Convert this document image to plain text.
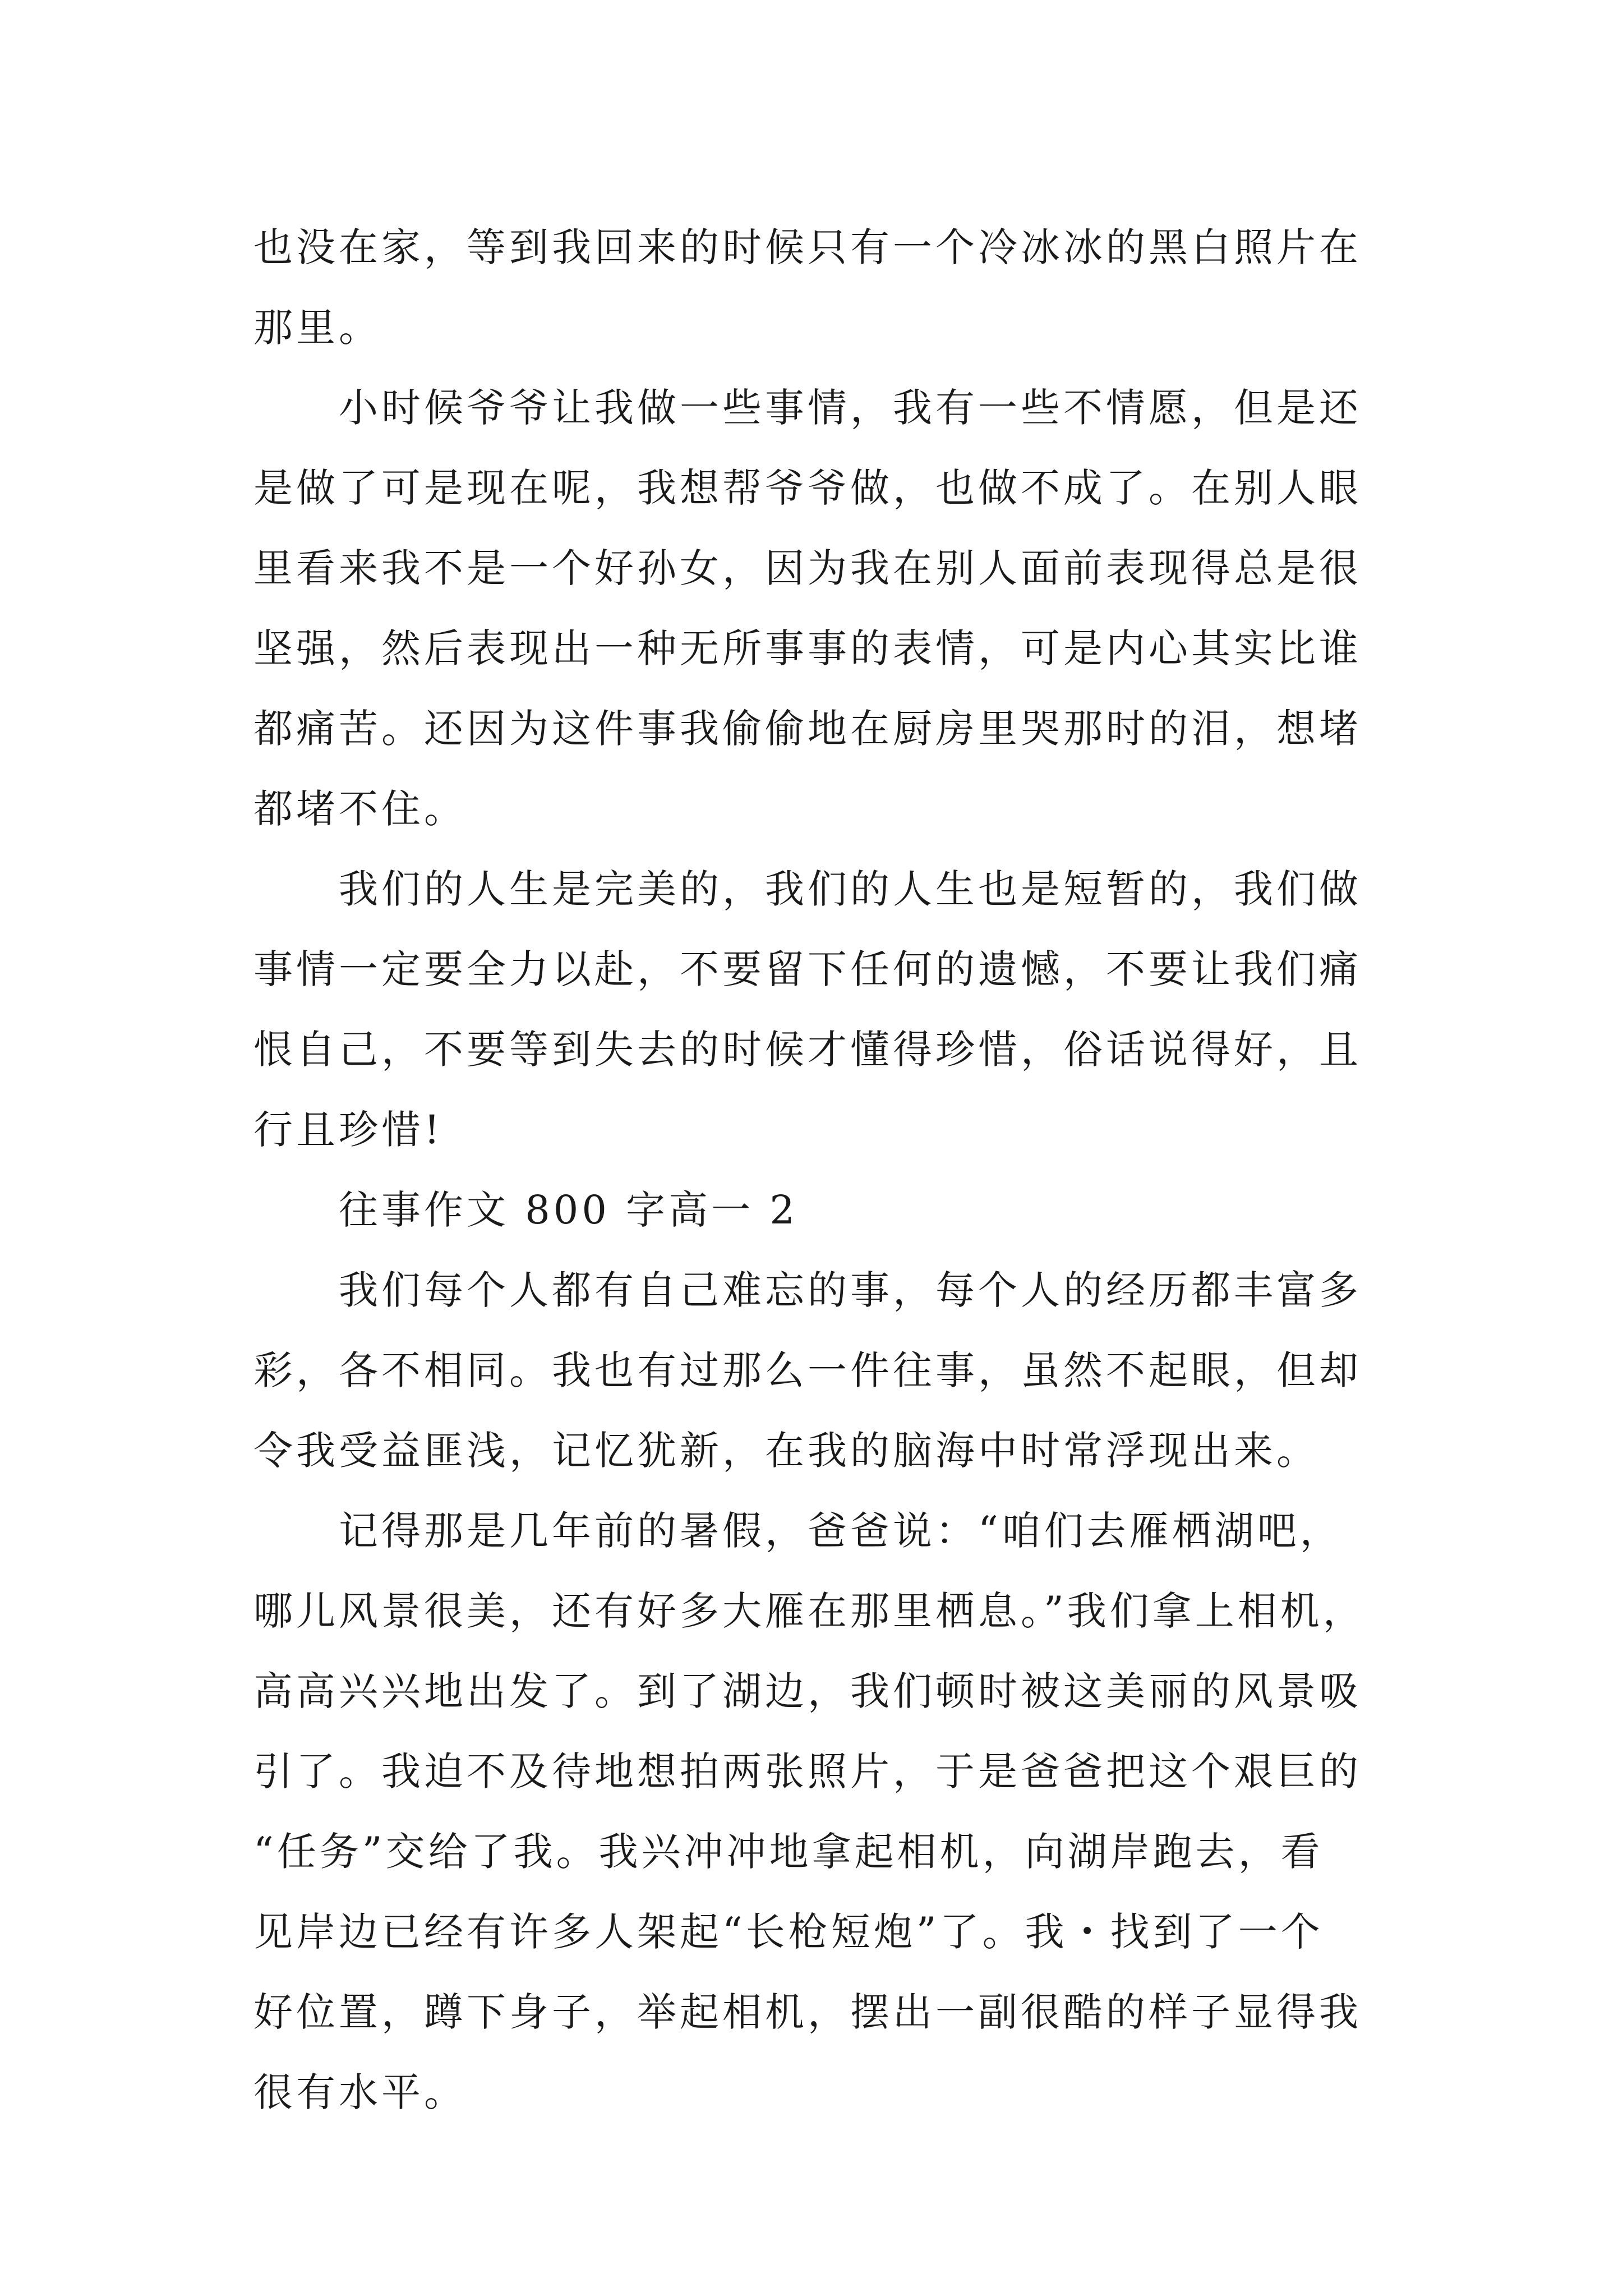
也没在家，等到我回来的时候只有一个冷冰冰的黑白照片在
那里。
小时候爷爷让我做一些事情，我有一些不情愿，但是还
是做了可是现在呢，我想帮爷爷做，也做不成了。在别人眼
里看来我不是一个好孙女，因为我在别人面前表现得总是很
坚强，然后表现出一种无所事事的表情，可是内心其实比谁
都痛苦。还因为这件事我偷偷地在厨房里哭那时的泪，想堵
都堵不住。
我们的人生是完美的，我们的人生也是短暂的，我们做
事情一定要全力以赴，不要留下任何的遗憾，不要让我们痛
恨自己，不要等到失去的时候才懂得珍惜，俗话说得好，且
行且珍惜!
往事作文 800 字高一 2
我们每个人都有自己难忘的事，每个人的经历都丰富多
彩，各不相同。我也有过那么一件往事，虽然不起眼，但却
令我受益匪浅，记忆犹新，在我的脑海中时常浮现出来。
记得那是几年前的暑假，爸爸说：“咱们去雁栖湖吧，
哪儿风景很美，还有好多大雁在那里栖息。”我们拿上相机，
高高兴兴地出发了。到了湖边，我们顿时被这美丽的风景吸
引了。我迫不及待地想拍两张照片，于是爸爸把这个艰巨的
“任务”交给了我。我兴冲冲地拿起相机，向湖岸跑去，看
见岸边已经有许多人架起“长枪短炮”了。我・找到了一个
好位置，蹲下身子，举起相机，摆出一副很酷的样子显得我
很有水平。
